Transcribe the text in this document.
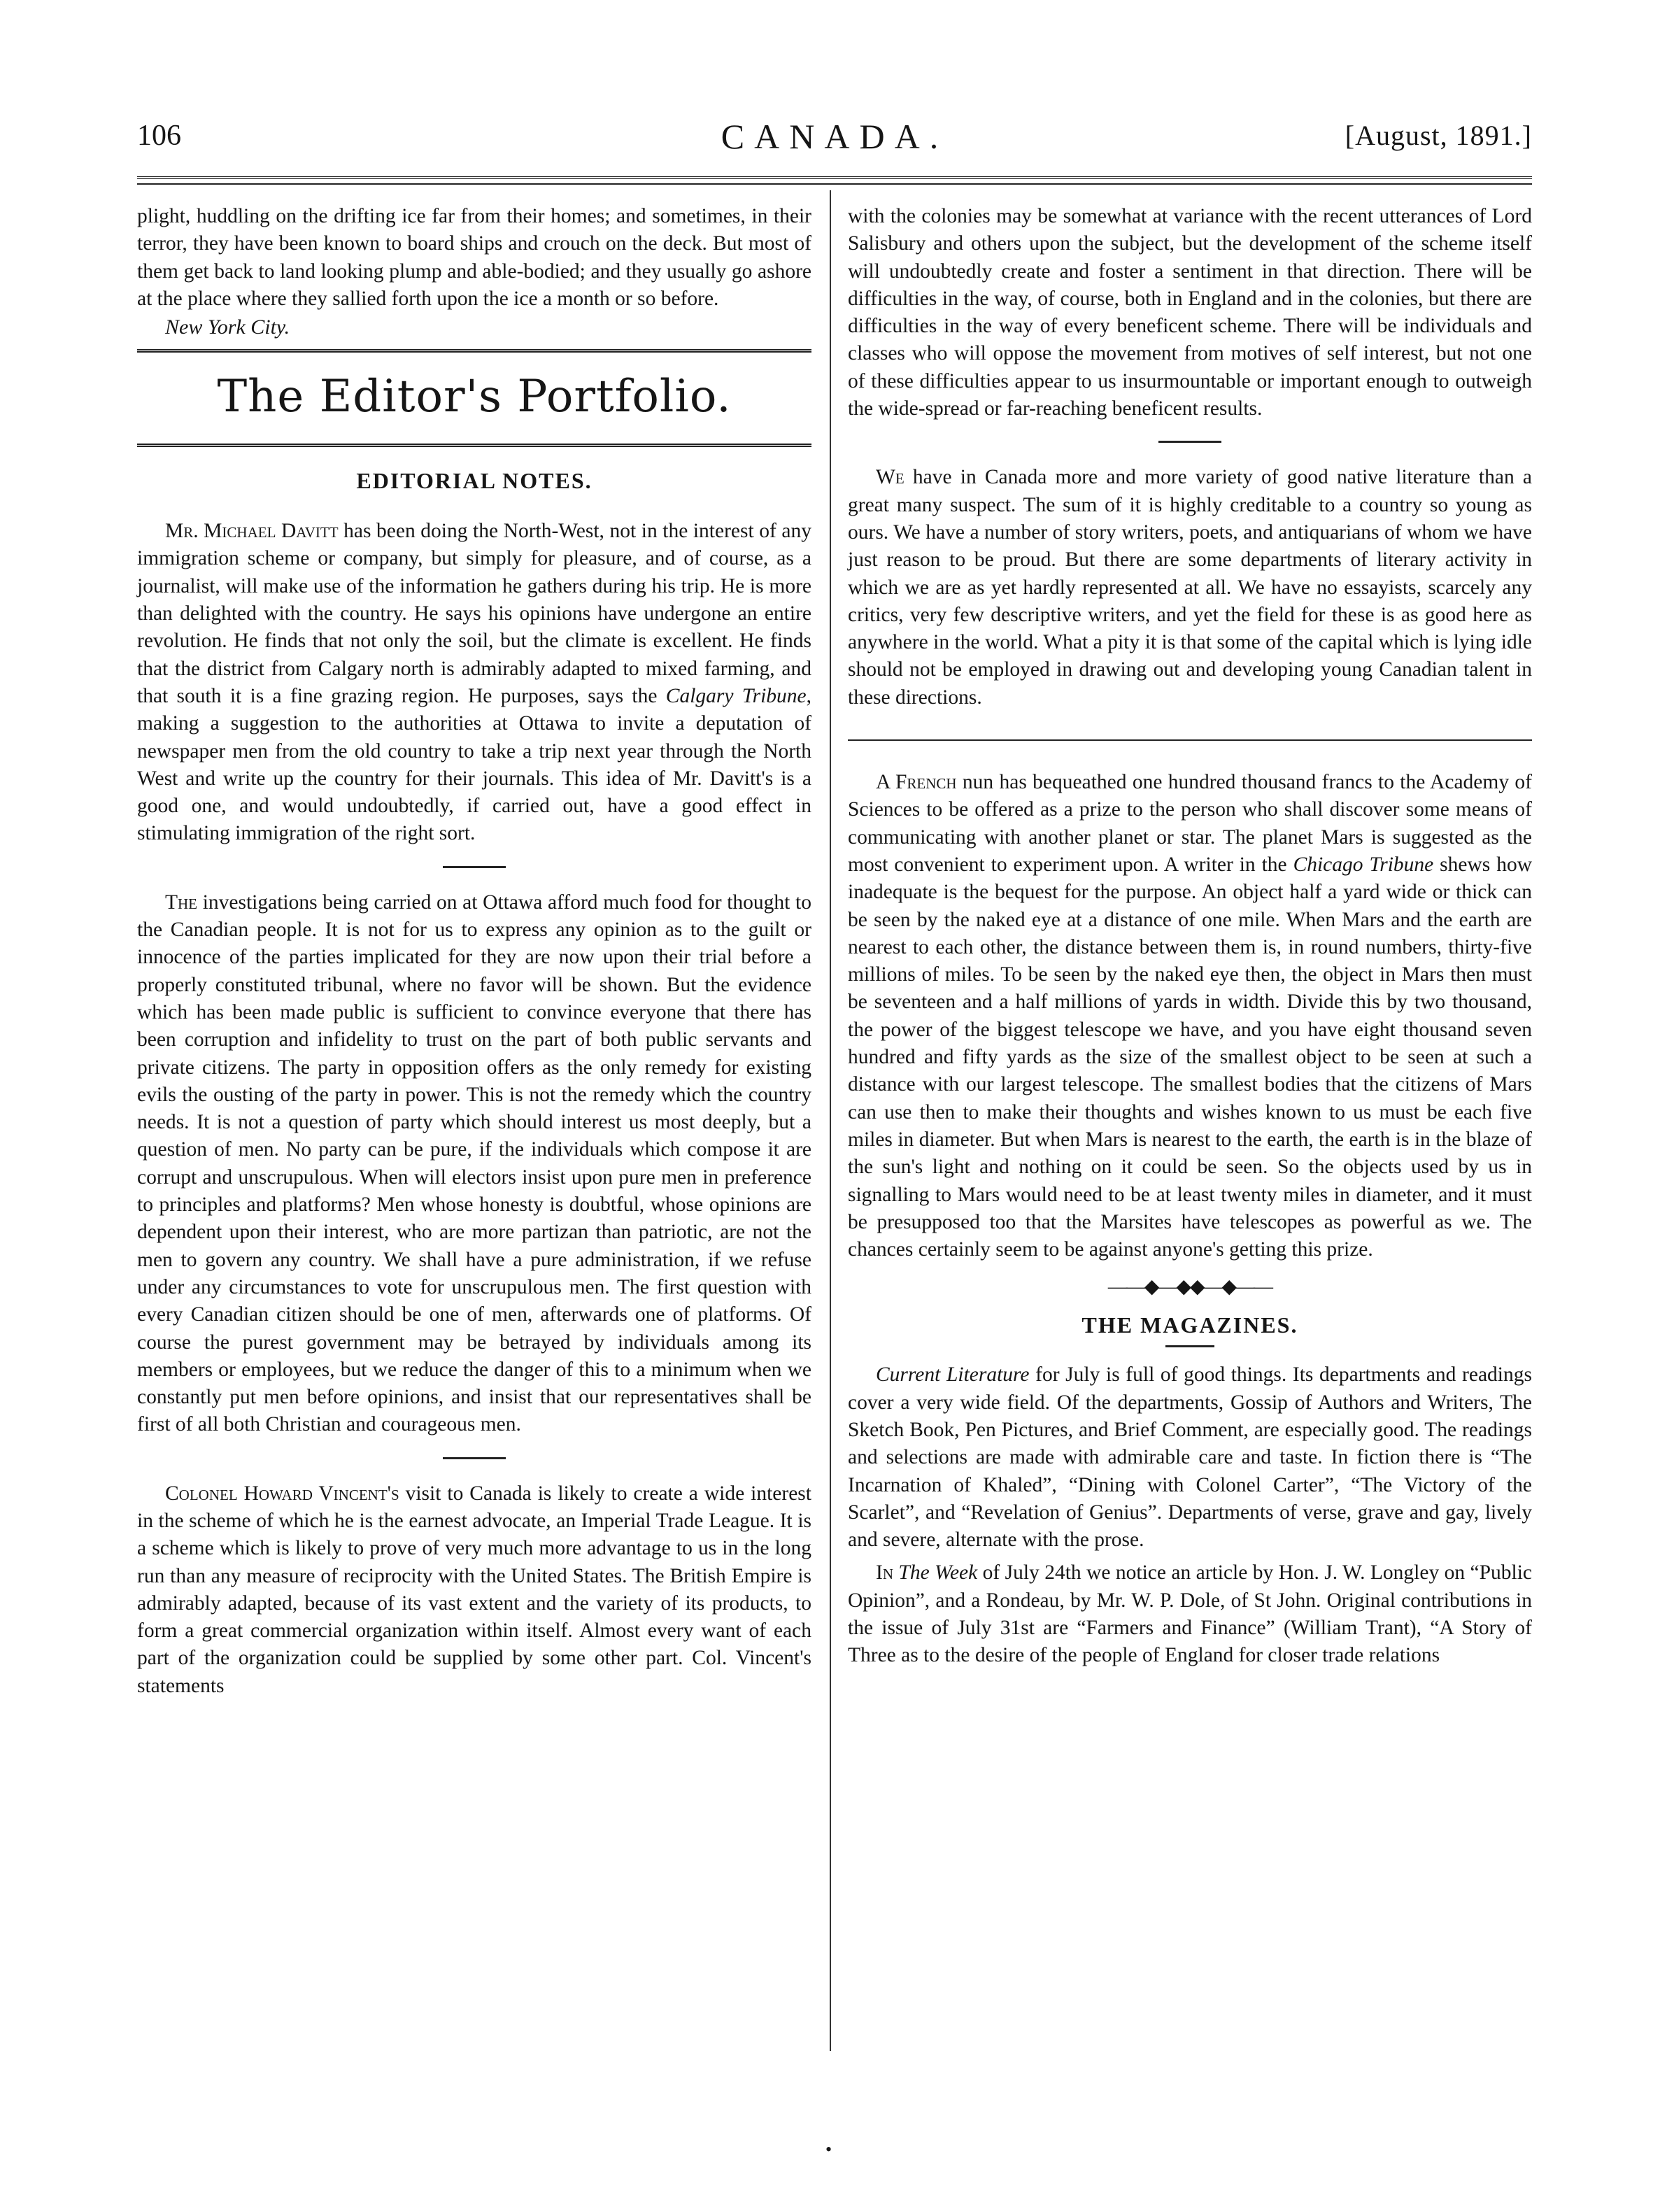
106	CANADA.	[August, 1891.]

plight, huddling on the drifting ice far from their homes; and sometimes, in their terror, they have been known to board ships and crouch on the deck. But most of them get back to land looking plump and able-bodied; and they usually go ashore at the place where they sallied forth upon the ice a month or so before.

New York City.
The Editor's Portfolio.
EDITORIAL NOTES.

Mr. Michael Davitt has been doing the North-West, not in the interest of any immigration scheme or company, but simply for pleasure, and of course, as a journalist, will make use of the information he gathers during his trip. He is more than delighted with the country. He says his opinions have undergone an entire revolution. He finds that not only the soil, but the climate is excellent. He finds that the district from Calgary north is admirably adapted to mixed farming, and that south it is a fine grazing region. He purposes, says the Calgary Tribune, making a suggestion to the authorities at Ottawa to invite a deputation of newspaper men from the old country to take a trip next year through the North West and write up the country for their journals. This idea of Mr. Davitt's is a good one, and would undoubtedly, if carried out, have a good effect in stimulating immigration of the right sort.

The investigations being carried on at Ottawa afford much food for thought to the Canadian people. It is not for us to express any opinion as to the guilt or innocence of the parties implicated for they are now upon their trial before a properly constituted tribunal, where no favor will be shown. But the evidence which has been made public is sufficient to convince everyone that there has been corruption and infidelity to trust on the part of both public servants and private citizens. The party in opposition offers as the only remedy for existing evils the ousting of the party in power. This is not the remedy which the country needs. It is not a question of party which should interest us most deeply, but a question of men. No party can be pure, if the individuals which compose it are corrupt and unscrupulous. When will electors insist upon pure men in preference to principles and platforms? Men whose honesty is doubtful, whose opinions are dependent upon their interest, who are more partizan than patriotic, are not the men to govern any country. We shall have a pure administration, if we refuse under any circumstances to vote for unscrupulous men. The first question with every Canadian citizen should be one of men, afterwards one of platforms. Of course the purest government may be betrayed by individuals among its members or employees, but we reduce the danger of this to a minimum when we constantly put men before opinions, and insist that our representatives shall be first of all both Christian and courageous men.

Colonel Howard Vincent's visit to Canada is likely to create a wide interest in the scheme of which he is the earnest advocate, an Imperial Trade League. It is a scheme which is likely to prove of very much more advantage to us in the long run than any measure of reciprocity with the United States. The British Empire is admirably adapted, because of its vast extent and the variety of its products, to form a great commercial organization within itself. Almost every want of each part of the organization could be supplied by some other part. Col. Vincent's statements

with the colonies may be somewhat at variance with the recent utterances of Lord Salisbury and others upon the subject, but the development of the scheme itself will undoubtedly create and foster a sentiment in that direction. There will be difficulties in the way, of course, both in England and in the colonies, but there are difficulties in the way of every beneficent scheme. There will be individuals and classes who will oppose the movement from motives of self interest, but not one of these difficulties appear to us insurmountable or important enough to outweigh the wide-spread or far-reaching beneficent results.

We have in Canada more and more variety of good native literature than a great many suspect. The sum of it is highly creditable to a country so young as ours. We have a number of story writers, poets, and antiquarians of whom we have just reason to be proud. But there are some departments of literary activity in which we are as yet hardly represented at all. We have no essayists, scarcely any critics, very few descriptive writers, and yet the field for these is as good here as anywhere in the world. What a pity it is that some of the capital which is lying idle should not be employed in drawing out and developing young Canadian talent in these directions.

A French nun has bequeathed one hundred thousand francs to the Academy of Sciences to be offered as a prize to the person who shall discover some means of communicating with another planet or star. The planet Mars is suggested as the most convenient to experiment upon. A writer in the Chicago Tribune shews how inadequate is the bequest for the purpose. An object half a yard wide or thick can be seen by the naked eye at a distance of one mile. When Mars and the earth are nearest to each other, the distance between them is, in round numbers, thirty-five millions of miles. To be seen by the naked eye then, the object in Mars then must be seventeen and a half millions of yards in width. Divide this by two thousand, the power of the biggest telescope we have, and you have eight thousand seven hundred and fifty yards as the size of the smallest object to be seen at such a distance with our largest telescope. The smallest bodies that the citizens of Mars can use then to make their thoughts and wishes known to us must be each five miles in diameter. But when Mars is nearest to the earth, the earth is in the blaze of the sun's light and nothing on it could be seen. So the objects used by us in signalling to Mars would need to be at least twenty miles in diameter, and it must be presupposed too that the Marsites have telescopes as powerful as we. The chances certainly seem to be against anyone's getting this prize.

——◆—◆◆—◆——
THE MAGAZINES.

Current Literature for July is full of good things. Its departments and readings cover a very wide field. Of the departments, Gossip of Authors and Writers, The Sketch Book, Pen Pictures, and Brief Comment, are especially good. The readings and selections are made with admirable care and taste. In fiction there is “The Incarnation of Khaled”, “Dining with Colonel Carter”, “The Victory of the Scarlet”, and “Revelation of Genius”. Departments of verse, grave and gay, lively and severe, alternate with the prose.

In The Week of July 24th we notice an article by Hon. J. W. Longley on “Public Opinion”, and a Rondeau, by Mr. W. P. Dole, of St John. Original contributions in the issue of July 31st are “Farmers and Finance” (William Trant), “A Story of Three as to the desire of the people of England for closer trade relations

•
